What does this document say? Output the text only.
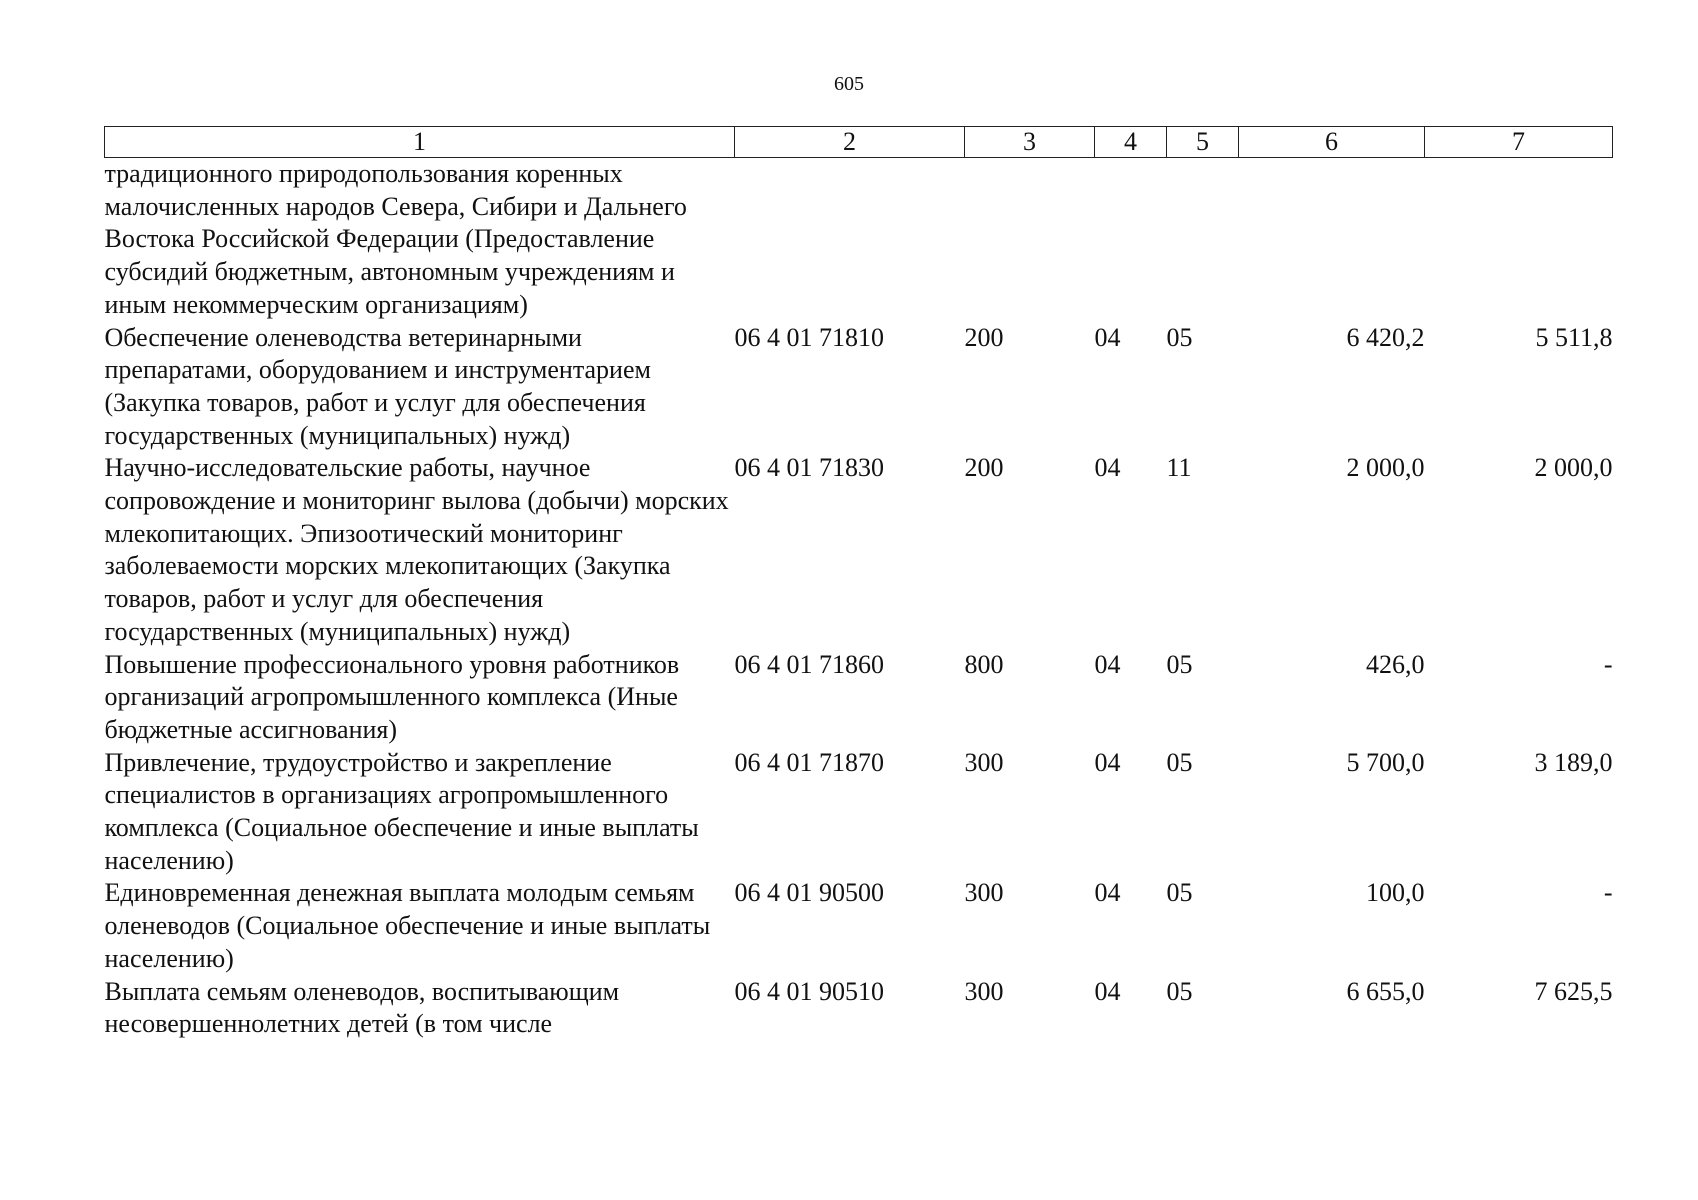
605
1	2	3	4	5	6	7
традиционного природопользования коренных малочисленных народов Севера, Сибири и Дальнего Востока Российской Федерации (Предоставление субсидий бюджетным, автономным учреждениям и иным некоммерческим организациям)						
Обеспечение оленеводства ветеринарными препаратами, оборудованием и инструментарием (Закупка товаров, работ и услуг для обеспечения государственных (муниципальных) нужд)	06 4 01 71810	200	04	05	6 420,2	5 511,8
Научно-исследовательские работы, научное сопровождение и мониторинг вылова (добычи) морских млекопитающих. Эпизоотический мониторинг заболеваемости морских млекопитающих (Закупка товаров, работ и услуг для обеспечения государственных (муниципальных) нужд)	06 4 01 71830	200	04	11	2 000,0	2 000,0
Повышение профессионального уровня работников организаций агропромышленного комплекса (Иные бюджетные ассигнования)	06 4 01 71860	800	04	05	426,0	-
Привлечение, трудоустройство и закрепление специалистов в организациях агропромышленного комплекса (Социальное обеспечение и иные выплаты населению)	06 4 01 71870	300	04	05	5 700,0	3 189,0
Единовременная денежная выплата молодым семьям оленеводов (Социальное обеспечение и иные выплаты населению)	06 4 01 90500	300	04	05	100,0	-
Выплата семьям оленеводов, воспитывающим несовершеннолетних детей (в том числе	06 4 01 90510	300	04	05	6 655,0	7 625,5
